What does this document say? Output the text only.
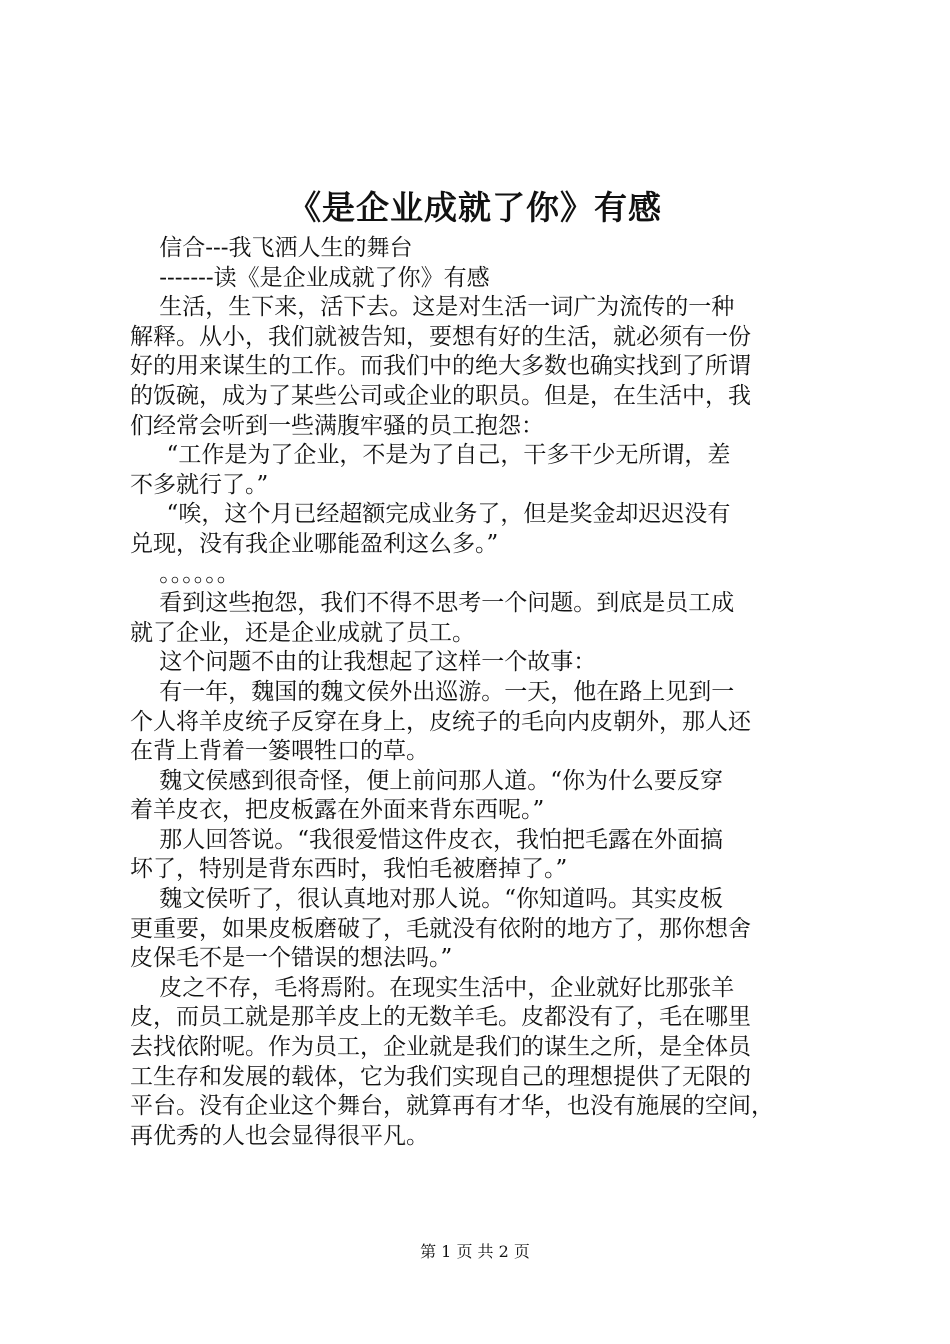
《是企业成就了你》有感
信合---我飞洒人生的舞台
-------读《是企业成就了你》有感
生活，生下来，活下去。这是对生活一词广为流传的一种
解释。从小，我们就被告知，要想有好的生活，就必须有一份
好的用来谋生的工作。而我们中的绝大多数也确实找到了所谓
的饭碗，成为了某些公司或企业的职员。但是，在生活中，我
们经常会听到一些满腹牢骚的员工抱怨：
“工作是为了企业，不是为了自己，干多干少无所谓，差
不多就行了。”
“唉，这个月已经超额完成业务了，但是奖金却迟迟没有
兑现，没有我企业哪能盈利这么多。”
。。。。。。
看到这些抱怨，我们不得不思考一个问题。到底是员工成
就了企业，还是企业成就了员工。
这个问题不由的让我想起了这样一个故事：
有一年，魏国的魏文侯外出巡游。一天，他在路上见到一
个人将羊皮统子反穿在身上，皮统子的毛向内皮朝外，那人还
在背上背着一篓喂牲口的草。
魏文侯感到很奇怪，便上前问那人道。“你为什么要反穿
着羊皮衣，把皮板露在外面来背东西呢。”
那人回答说。“我很爱惜这件皮衣，我怕把毛露在外面搞
坏了，特别是背东西时，我怕毛被磨掉了。”
魏文侯听了，很认真地对那人说。“你知道吗。其实皮板
更重要，如果皮板磨破了，毛就没有依附的地方了，那你想舍
皮保毛不是一个错误的想法吗。”
皮之不存，毛将焉附。在现实生活中，企业就好比那张羊
皮，而员工就是那羊皮上的无数羊毛。皮都没有了，毛在哪里
去找依附呢。作为员工，企业就是我们的谋生之所，是全体员
工生存和发展的载体，它为我们实现自己的理想提供了无限的
平台。没有企业这个舞台，就算再有才华，也没有施展的空间，
再优秀的人也会显得很平凡。
第 1 页 共 2 页
